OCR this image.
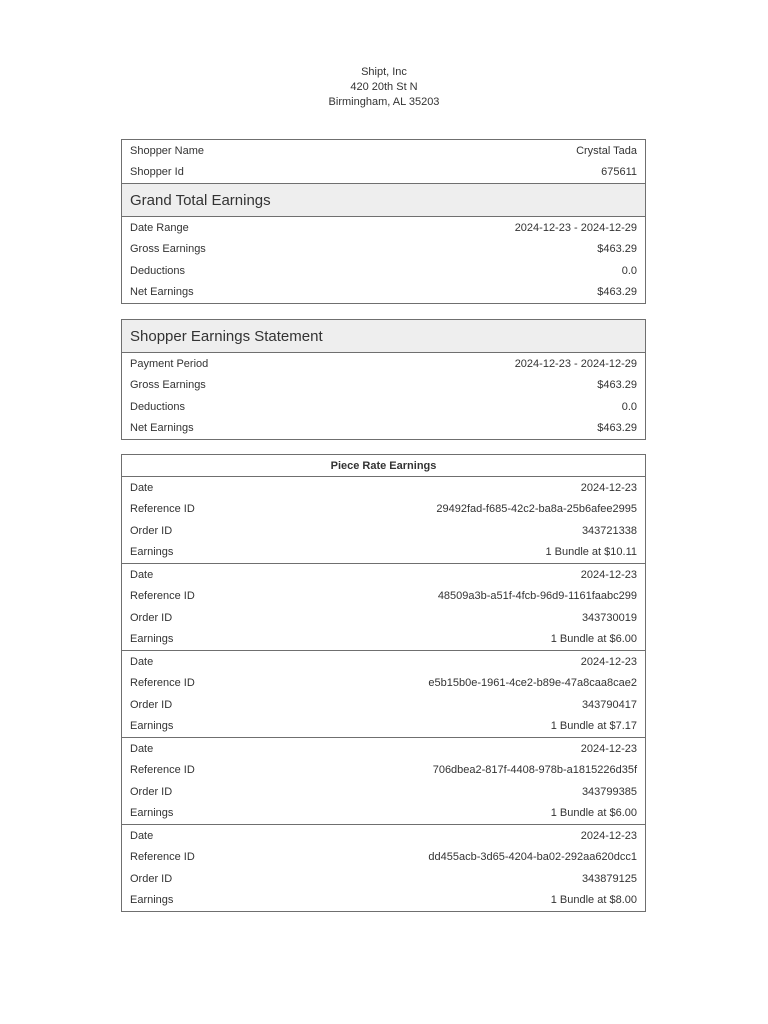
Shipt, Inc
420 20th St N
Birmingham, AL 35203
Shopper Name	Crystal Tada
Shopper Id	675611
Grand Total Earnings
Date Range	2024-12-23 - 2024-12-29
Gross Earnings	$463.29
Deductions	0.0
Net Earnings	$463.29
Shopper Earnings Statement
Payment Period	2024-12-23 - 2024-12-29
Gross Earnings	$463.29
Deductions	0.0
Net Earnings	$463.29
Piece Rate Earnings
Date	2024-12-23
Reference ID	29492fad-f685-42c2-ba8a-25b6afee2995
Order ID	343721338
Earnings	1 Bundle at $10.11
Date	2024-12-23
Reference ID	48509a3b-a51f-4fcb-96d9-1161faabc299
Order ID	343730019
Earnings	1 Bundle at $6.00
Date	2024-12-23
Reference ID	e5b15b0e-1961-4ce2-b89e-47a8caa8cae2
Order ID	343790417
Earnings	1 Bundle at $7.17
Date	2024-12-23
Reference ID	706dbea2-817f-4408-978b-a1815226d35f
Order ID	343799385
Earnings	1 Bundle at $6.00
Date	2024-12-23
Reference ID	dd455acb-3d65-4204-ba02-292aa620dcc1
Order ID	343879125
Earnings	1 Bundle at $8.00
